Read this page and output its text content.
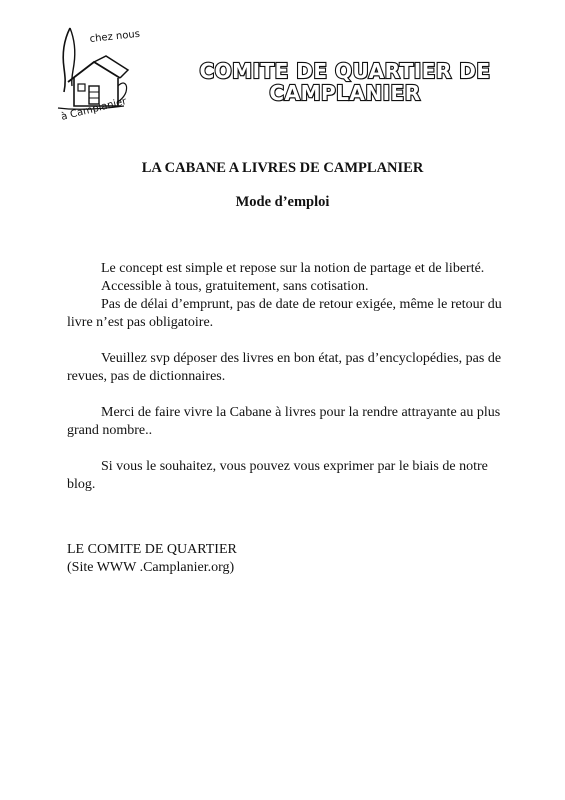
chez nous
à Camplanier
COMITE DE QUARTIER DE
CAMPLANIER
LA CABANE A LIVRES DE CAMPLANIER
Mode d’emploi

Le concept est simple et repose sur la notion de partage et de liberté.

Accessible à tous, gratuitement, sans cotisation.

Pas de délai d’emprunt, pas de date de retour exigée, même le retour du livre n’est pas obligatoire.

Veuillez svp déposer des livres en bon état, pas d’encyclopédies, pas de revues, pas de dictionnaires.

Merci de faire vivre la Cabane à livres pour la rendre attrayante au plus grand nombre..

Si vous le souhaitez, vous pouvez vous exprimer par le biais de notre blog.

LE COMITE DE QUARTIER
(Site WWW .Camplanier.org)
